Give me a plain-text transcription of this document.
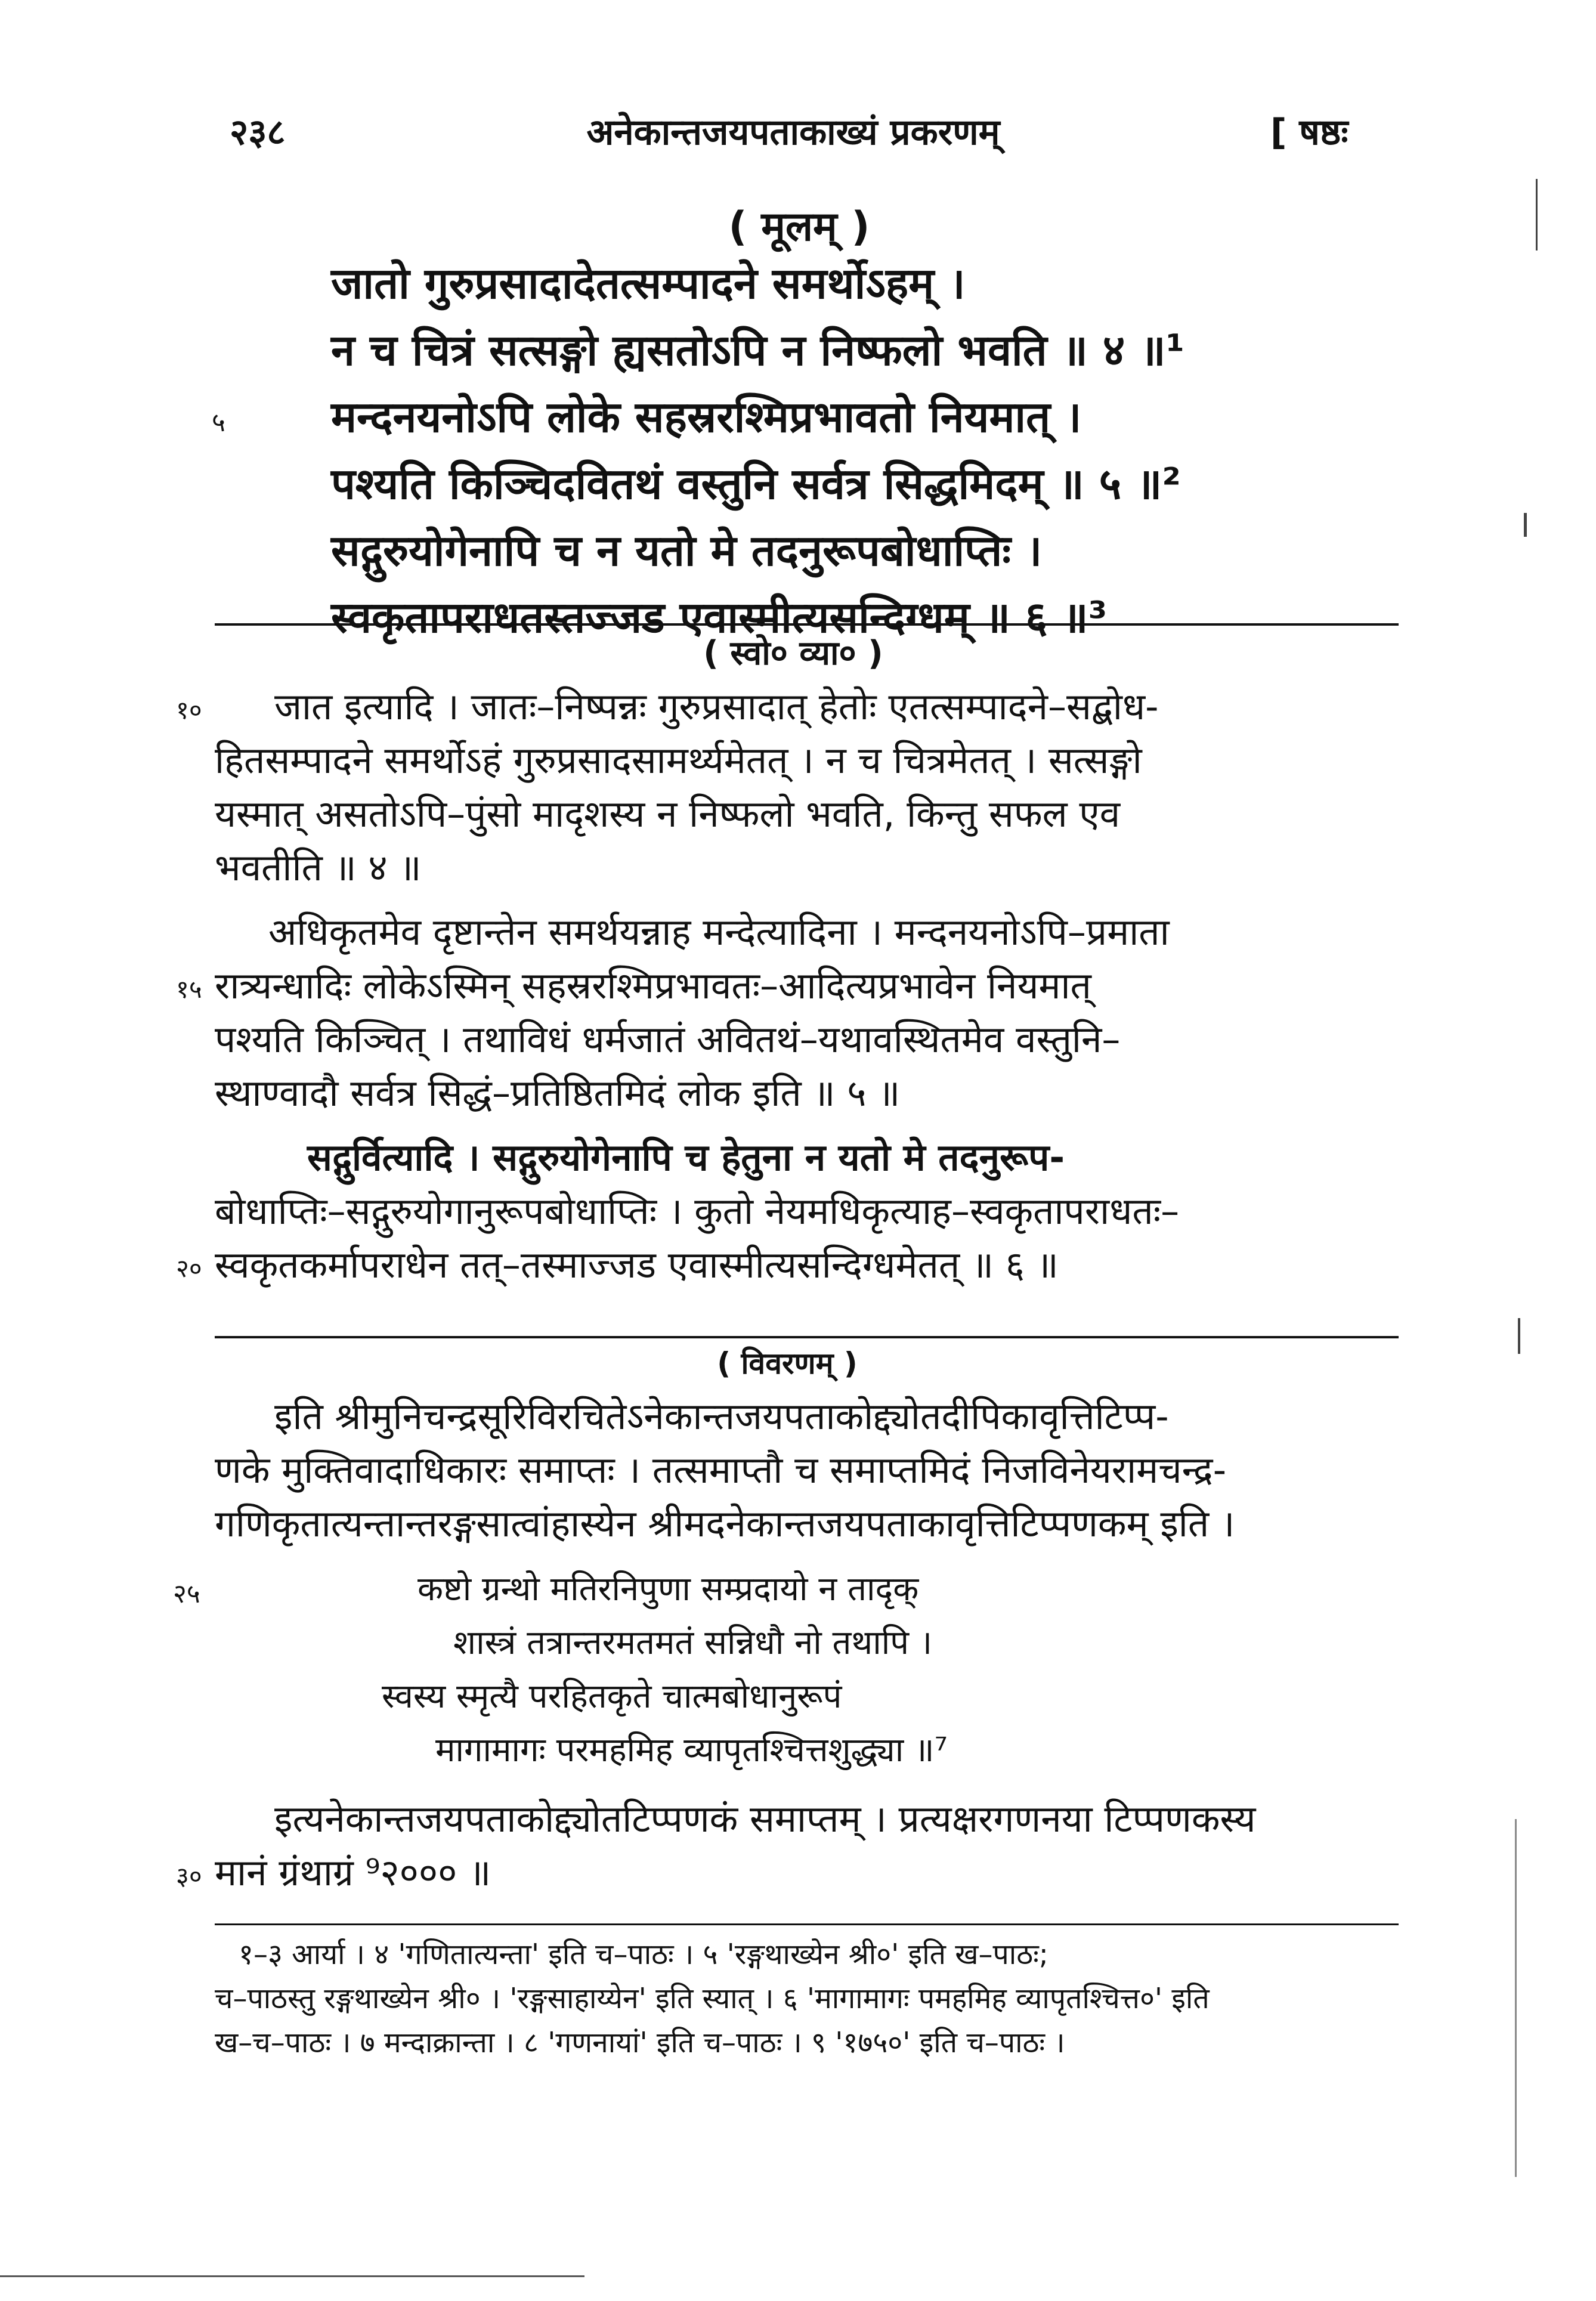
२३८	अनेकान्तजयपताकाख्यं प्रकरणम्	[ षष्ठः
( मूलम् )
जातो गुरुप्रसादादेतत्सम्पादने समर्थोऽहम् ।
न च चित्रं सत्सङ्गो ह्यसतोऽपि न निष्फलो भवति ॥ ४ ॥¹
५ मन्दनयनोऽपि लोके सहस्ररश्मिप्रभावतो नियमात् ।
पश्यति किञ्चिदवितथं वस्तुनि सर्वत्र सिद्धमिदम् ॥ ५ ॥²
सद्गुरुयोगेनापि च न यतो मे तदनुरूपबोधाप्तिः ।
स्वकृतापराधतस्तज्जड एवास्मीत्यसन्दिग्धम् ॥ ६ ॥³
( स्वो० व्या० )
१० जात इत्यादि । जातः–निष्पन्नः गुरुप्रसादात् हेतोः एतत्सम्पादने–सद्बोध-
हितसम्पादने समर्थोऽहं गुरुप्रसादसामर्थ्यमेतत् । न च चित्रमेतत् । सत्सङ्गो
यस्मात् असतोऽपि–पुंसो मादृशस्य न निष्फलो भवति, किन्तु सफल एव
भवतीति ॥ ४ ॥
अधिकृतमेव दृष्टान्तेन समर्थयन्नाह मन्देत्यादिना । मन्दनयनोऽपि–प्रमाता
१५ रात्र्यन्धादिः लोकेऽस्मिन् सहस्ररश्मिप्रभावतः–आदित्यप्रभावेन नियमात्
पश्यति किञ्चित् । तथाविधं धर्मजातं अवितथं–यथावस्थितमेव वस्तुनि–
स्थाण्वादौ सर्वत्र सिद्धं–प्रतिष्ठितमिदं लोक इति ॥ ५ ॥
सद्गुर्वित्यादि । सद्गुरुयोगेनापि च हेतुना न यतो मे तदनुरूप-
बोधाप्तिः–सद्गुरुयोगानुरूपबोधाप्तिः । कुतो नेयमधिकृत्याह–स्वकृतापराधतः–
२० स्वकृतकर्मापराधेन तत्–तस्माज्जड एवास्मीत्यसन्दिग्धमेतत् ॥ ६ ॥
( विवरणम् )
इति श्रीमुनिचन्द्रसूरिविरचितेऽनेकान्तजयपताकोद्द्योतदीपिकावृत्तिटिप्प-
णके मुक्तिवादाधिकारः समाप्तः । तत्समाप्तौ च समाप्तमिदं निजविनेयरामचन्द्र-
गणिकृतात्यन्तान्तरङ्गसात्वांहास्येन श्रीमदनेकान्तजयपताकावृत्तिटिप्पणकम् इति ।
२५	कष्टो ग्रन्थो मतिरनिपुणा सम्प्रदायो न तादृक्
शास्त्रं तत्रान्तरमतमतं सन्निधौ नो तथापि ।
स्वस्य स्मृत्यै परहितकृते चात्मबोधानुरूपं
मागामागः परमहमिह व्यापृतश्चित्तशुद्ध्या ॥⁷
इत्यनेकान्तजयपताकोद्द्योतटिप्पणकं समाप्तम् । प्रत्यक्षरगणनया टिप्पणकस्य
३० मानं ग्रंथाग्रं ⁹२००० ॥
१–३ आर्या । ४ 'गणितात्यन्ता' इति च–पाठः । ५ 'रङ्गथाख्येन श्री०' इति ख–पाठः;
च–पाठस्तु रङ्गथाख्येन श्री० । 'रङ्गसाहाय्येन' इति स्यात् । ६ 'मागामागः पमहमिह व्यापृतश्चित्त०' इति
ख–च–पाठः । ७ मन्दाक्रान्ता । ८ 'गणनायां' इति च–पाठः । ९ '१७५०' इति च–पाठः ।
